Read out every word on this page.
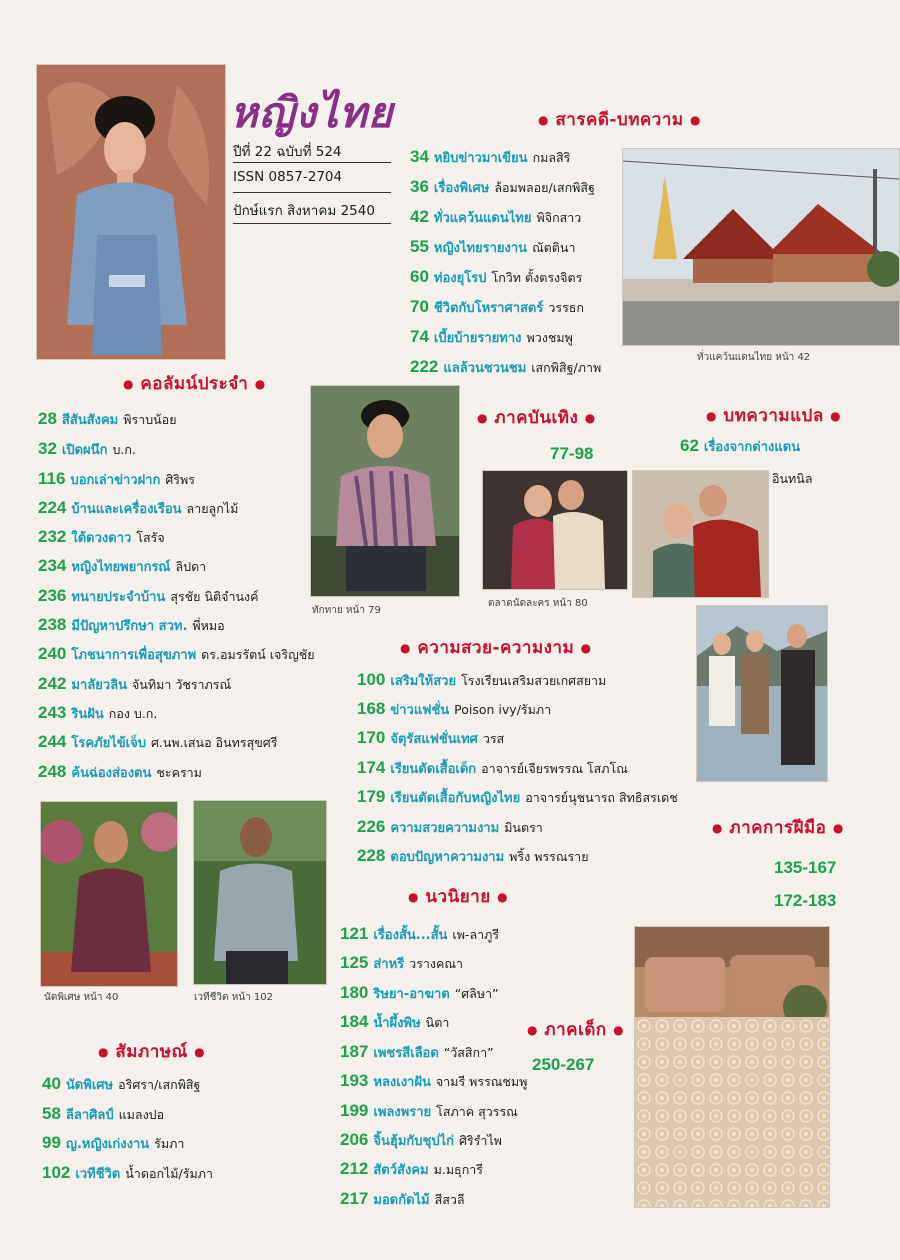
หญิงไทย
ปีที่ 22 ฉบับที่ 524
ISSN 0857-2704
ปักษ์แรก สิงหาคม 2540
● สารคดี-บทความ ●
● คอลัมน์ประจำ ●
● ภาคบันเทิง ●	● บทความแปล ●
● ความสวย-ความงาม ●
● ภาคการฝีมือ ●
● นวนิยาย ●
● ภาคเด็ก ●
● สัมภาษณ์ ●
34 หยิบข่าวมาเขียน กมลสิริ
36 เรื่องพิเศษ ล้อมพลอย/เสกพิสิฐ
42 ทั่วแคว้นแดนไทย พิจิกสาว
55 หญิงไทยรายงาน ณัตตินา
60 ท่องยุโรป โกวิท ตั้งตรงจิตร
70 ชีวิตกับโหราศาสตร์ วรรธก
74 เบี้ยบ้ายรายทาง พวงชมพู
222 แลล้วนชวนชม เสกพิสิฐ/ภาพ
ทั่วแคว้นแดนไทย หน้า 42
28 สีสันสังคม พิราบน้อย
32 เปิดผนึก บ.ก.
116 บอกเล่าข่าวฝาก ศิริพร
224 บ้านและเครื่องเรือน ลายลูกไม้
232 ใต้ดวงดาว โสรัจ
234 หญิงไทยพยากรณ์ ลิปดา
236 ทนายประจำบ้าน สุรชัย นิติจำนงค์
238 มีปัญหาปรึกษา สวท. พี่หมอ
240 โภชนาการเพื่อสุขภาพ ดร.อมรรัตน์ เจริญชัย
242 มาลัยวลิน จันทิมา วัชราภรณ์
243 รินฝัน กอง บ.ก.
244 โรคภัยไข้เจ็บ ศ.นพ.เสนอ อินทรสุขศรี
248 ค้นฉ่องส่องตน ชะคราม
ทักทาย หน้า 79
77-98
ตลาดนัดละคร หน้า 80
62 เรื่องจากต่างแดน
อินทนิล
100 เสริมให้สวย โรงเรียนเสริมสวยเกศสยาม
168 ข่าวแฟชั่น Poison ivy/รัมภา
170 จัตุรัสแฟชั่นเทศ วรส
174 เรียนตัดเสื้อเด็ก อาจารย์เจียรพรรณ โสภโณ
179 เรียนตัดเสื้อกับหญิงไทย อาจารย์นุชนารถ สิทธิสรเดช
226 ความสวยความงาม มินตรา
228 ตอบปัญหาความงาม พริ้ง พรรณราย
135-167
172-183
121 เรื่องสั้น...สั้น เพ-ลาภูรี
125 ส่าหรี วรางคณา
180 ริษยา-อาฆาต “ศลิษา”
184 น้ำผึ้งพิษ นิตา
187 เพชรสีเลือด “วัสสิกา”
193 หลงเงาฝัน จามรี พรรณชมพู
199 เพลงพราย โสภาค สุวรรณ
206 จิ้นฮุ้มกับชุปไก่ ศิริรำไพ
212 สัตว์สังคม ม.มธุการี
217 มอดกัดไม้ สีสวลี
250-267
นัดพิเศษ หน้า 40	เวทีชีวิต หน้า 102
40 นัดพิเศษ อริศรา/เสกพิสิฐ
58 ลีลาศิลป์ แมลงปอ
99 ญ.หญิงเก่งงาน รัมภา
102 เวทีชีวิต น้ำดอกไม้/รัมภา
